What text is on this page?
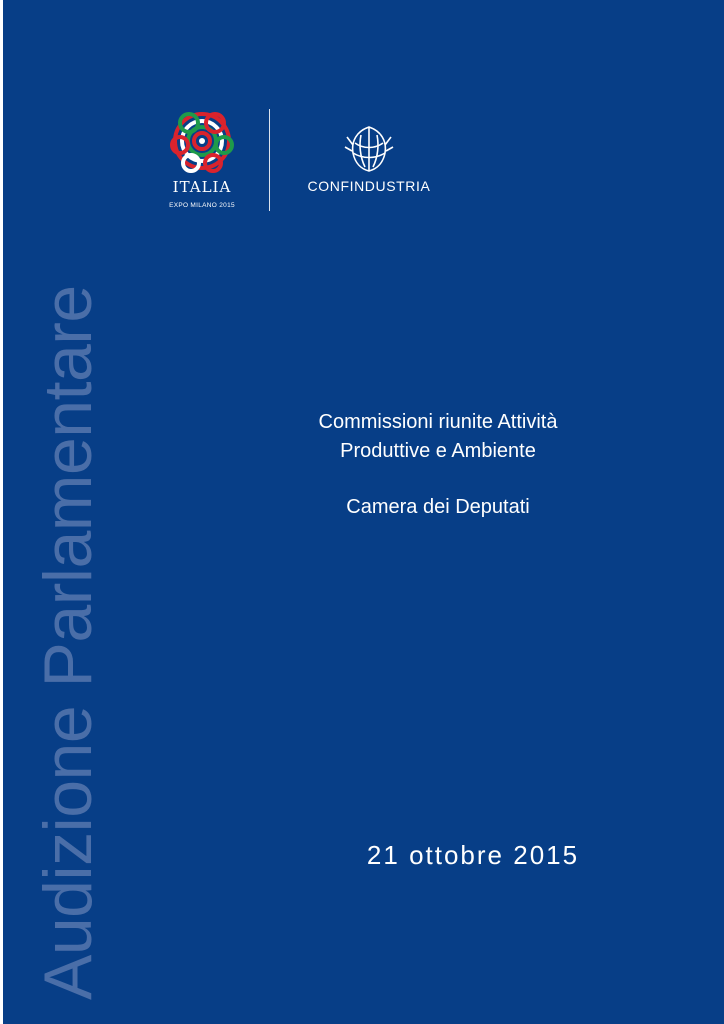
ITALIA
EXPO MILANO 2015
CONFINDUSTRIA
Audizione Parlamentare	Commissioni riunite Attività
Produttive e Ambiente
Camera dei Deputati
21 ottobre 2015
